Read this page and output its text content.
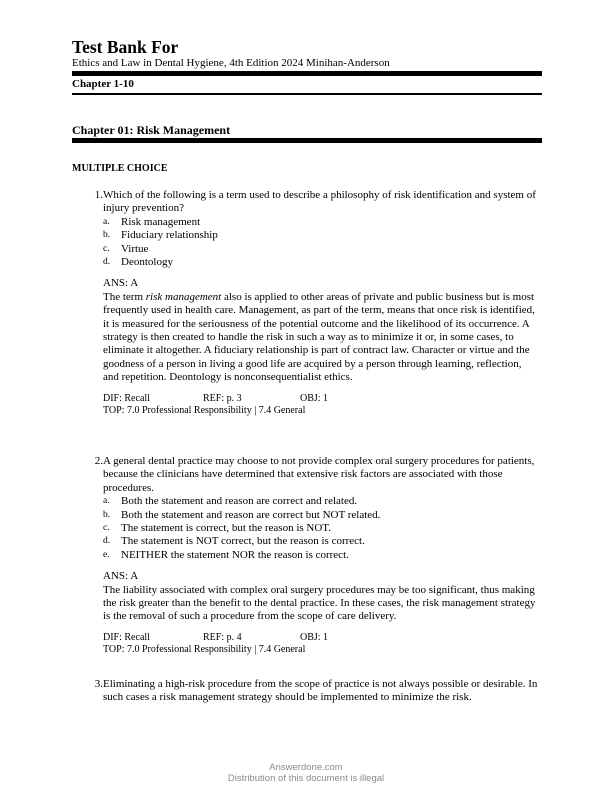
Test Bank For
Ethics and Law in Dental Hygiene, 4th Edition 2024 Minihan-Anderson
Chapter 1-10
Chapter 01: Risk Management
MULTIPLE CHOICE
1. Which of the following is a term used to describe a philosophy of risk identification and system of injury prevention?
a.	Risk management
b. Fiduciary relationship
c.	Virtue
d. Deontology
ANS: A
The term risk management also is applied to other areas of private and public business but is most frequently used in health care. Management, as part of the term, means that once risk is identified, it is measured for the seriousness of the potential outcome and the likelihood of its occurrence. A strategy is then created to handle the risk in such a way as to minimize it or, in some cases, to eliminate it altogether. A fiduciary relationship is part of contract law. Character or virtue and the goodness of a person in living a good life are acquired by a person through learning, reflection, and repetition. Deontology is nonconsequentialist ethics.
DIF: Recall	REF: p. 3	OBJ: 1
TOP: 7.0 Professional Responsibility | 7.4 General
2. A general dental practice may choose to not provide complex oral surgery procedures for patients, because the clinicians have determined that extensive risk factors are associated with those procedures.
a.	Both the statement and reason are correct and related.
b. Both the statement and reason are correct but NOT related.
c.	The statement is correct, but the reason is NOT.
d. The statement is NOT correct, but the reason is correct.
e.	NEITHER the statement NOR the reason is correct.
ANS: A
The liability associated with complex oral surgery procedures may be too significant, thus making the risk greater than the benefit to the dental practice. In these cases, the risk management strategy is the removal of such a procedure from the scope of care delivery.
DIF: Recall	REF: p. 4	OBJ: 1
TOP: 7.0 Professional Responsibility | 7.4 General
3. Eliminating a high-risk procedure from the scope of practice is not always possible or desirable. In such cases a risk management strategy should be implemented to minimize the risk.
Answerdone.com
Distribution of this document is illegal
